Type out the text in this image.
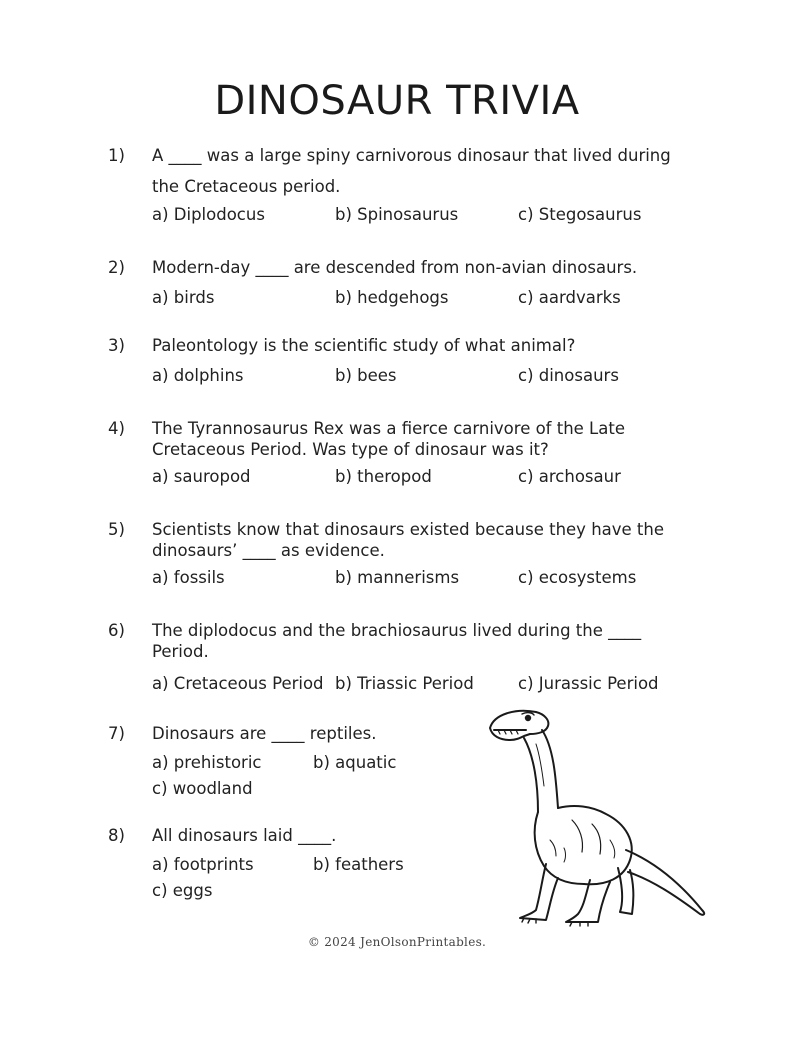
DINOSAUR TRIVIA
1) A ____ was a large spiny carnivorous dinosaur that lived during
the Cretaceous period.
a) Diplodocus	b) Spinosaurus	c) Stegosaurus
2) Modern-day ____ are descended from non-avian dinosaurs.
a) birds	b) hedgehogs	c) aardvarks
3) Paleontology is the scientific study of what animal?
a) dolphins	b) bees	c) dinosaurs
4) The Tyrannosaurus Rex was a fierce carnivore of the Late
Cretaceous Period. Was type of dinosaur was it?
a) sauropod	b) theropod	c) archosaur
5) Scientists know that dinosaurs existed because they have the
dinosaurs’ ____ as evidence.
a) fossils	b) mannerisms	c) ecosystems
6) The diplodocus and the brachiosaurus lived during the ____
Period.
a) Cretaceous Period b) Triassic Period	c) Jurassic Period
7) Dinosaurs are ____ reptiles.
a) prehistoric	b) aquatic
c) woodland
8) All dinosaurs laid ____.
a) footprints	b) feathers
c) eggs
© 2024 JenOlsonPrintables.
